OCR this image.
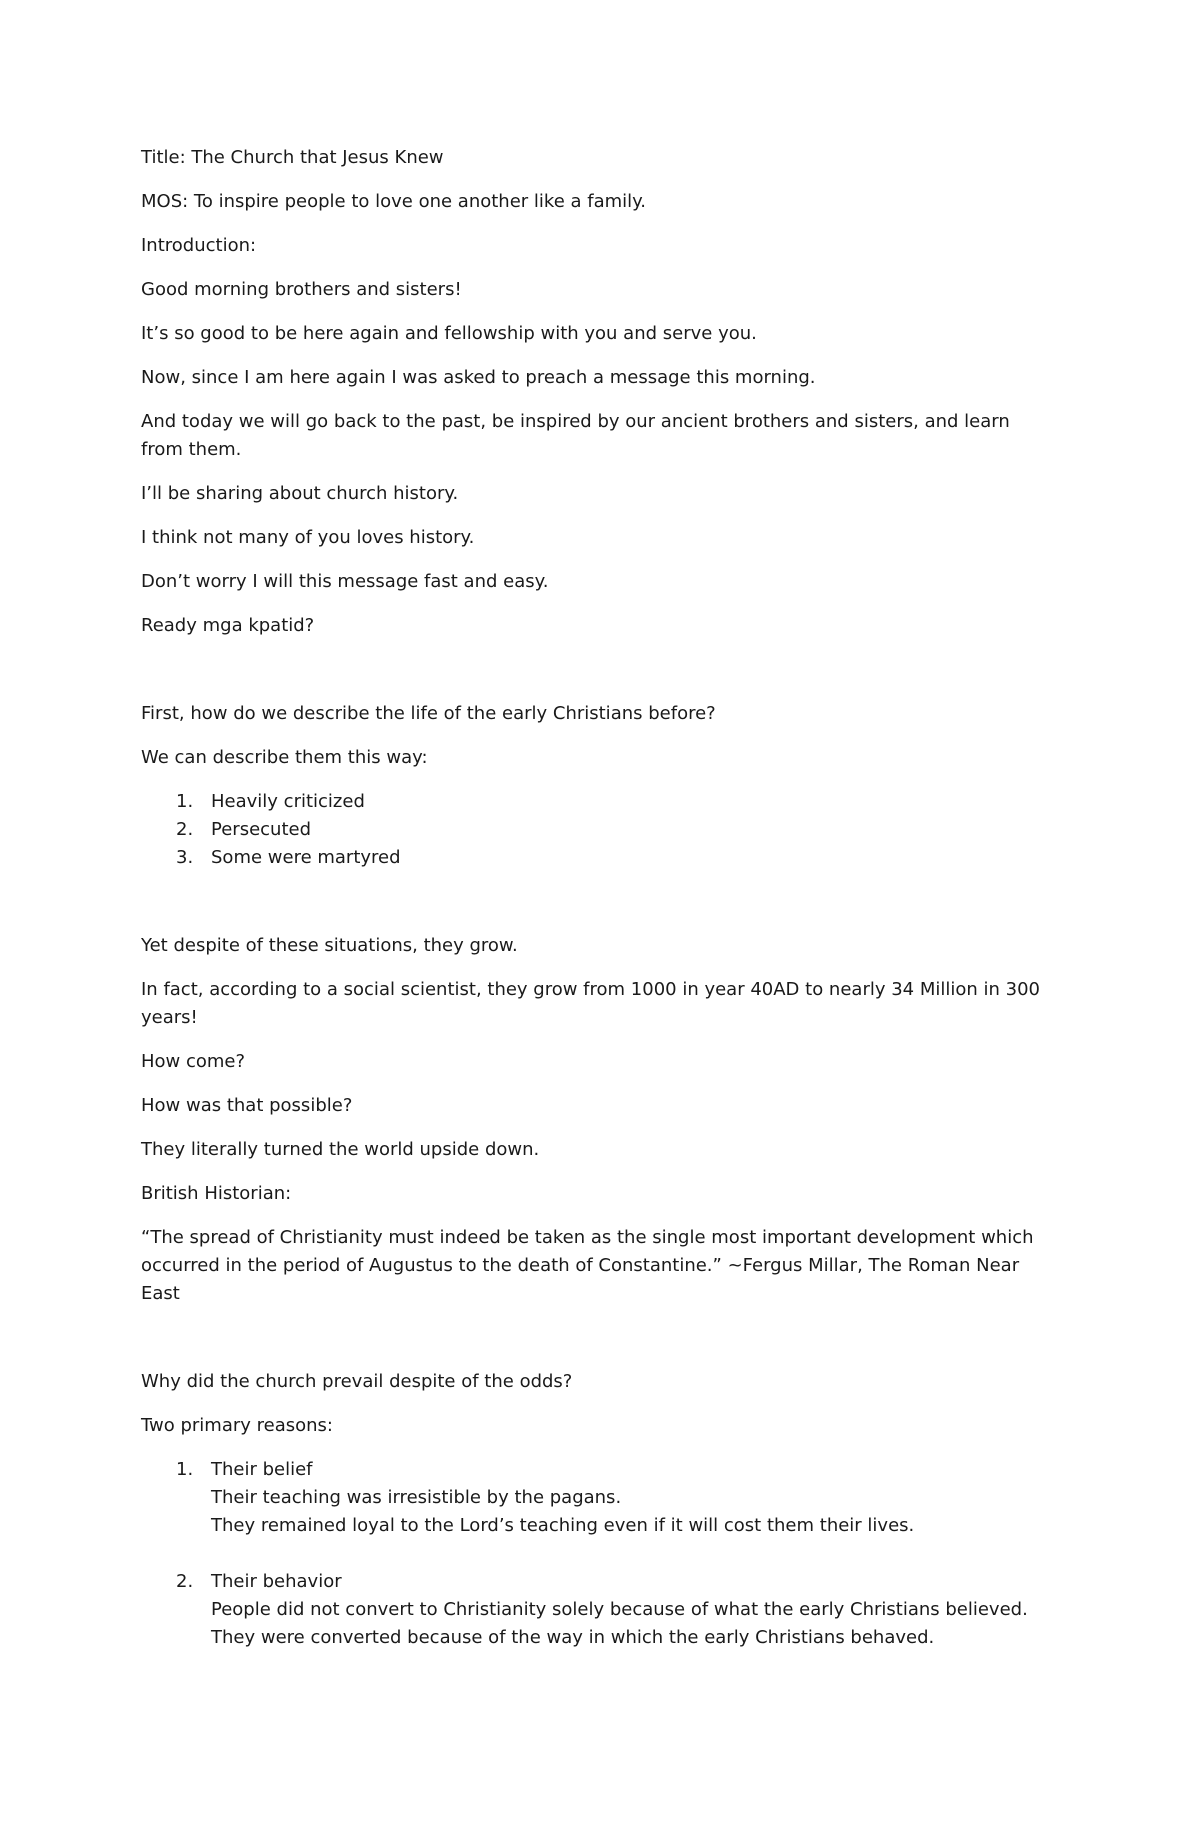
Title: The Church that Jesus Knew

MOS: To inspire people to love one another like a family.

Introduction:

Good morning brothers and sisters!

It’s so good to be here again and fellowship with you and serve you.

Now, since I am here again I was asked to preach a message this morning.

And today we will go back to the past, be inspired by our ancient brothers and sisters, and learn from them.

I’ll be sharing about church history.

I think not many of you loves history.

Don’t worry I will this message fast and easy.

Ready mga kpatid?

First, how do we describe the life of the early Christians before?

We can describe them this way:

1. Heavily criticized
2. Persecuted
3. Some were martyred

Yet despite of these situations, they grow.

In fact, according to a social scientist, they grow from 1000 in year 40AD to nearly 34 Million in 300 years!

How come?

How was that possible?

They literally turned the world upside down.

British Historian:

“The spread of Christianity must indeed be taken as the single most important development which occurred in the period of Augustus to the death of Constantine.” ~Fergus Millar, The Roman Near East

Why did the church prevail despite of the odds?

Two primary reasons:

1. Their belief
Their teaching was irresistible by the pagans.
They remained loyal to the Lord’s teaching even if it will cost them their lives.
2. Their behavior
People did not convert to Christianity solely because of what the early Christians believed.
They were converted because of the way in which the early Christians behaved.
